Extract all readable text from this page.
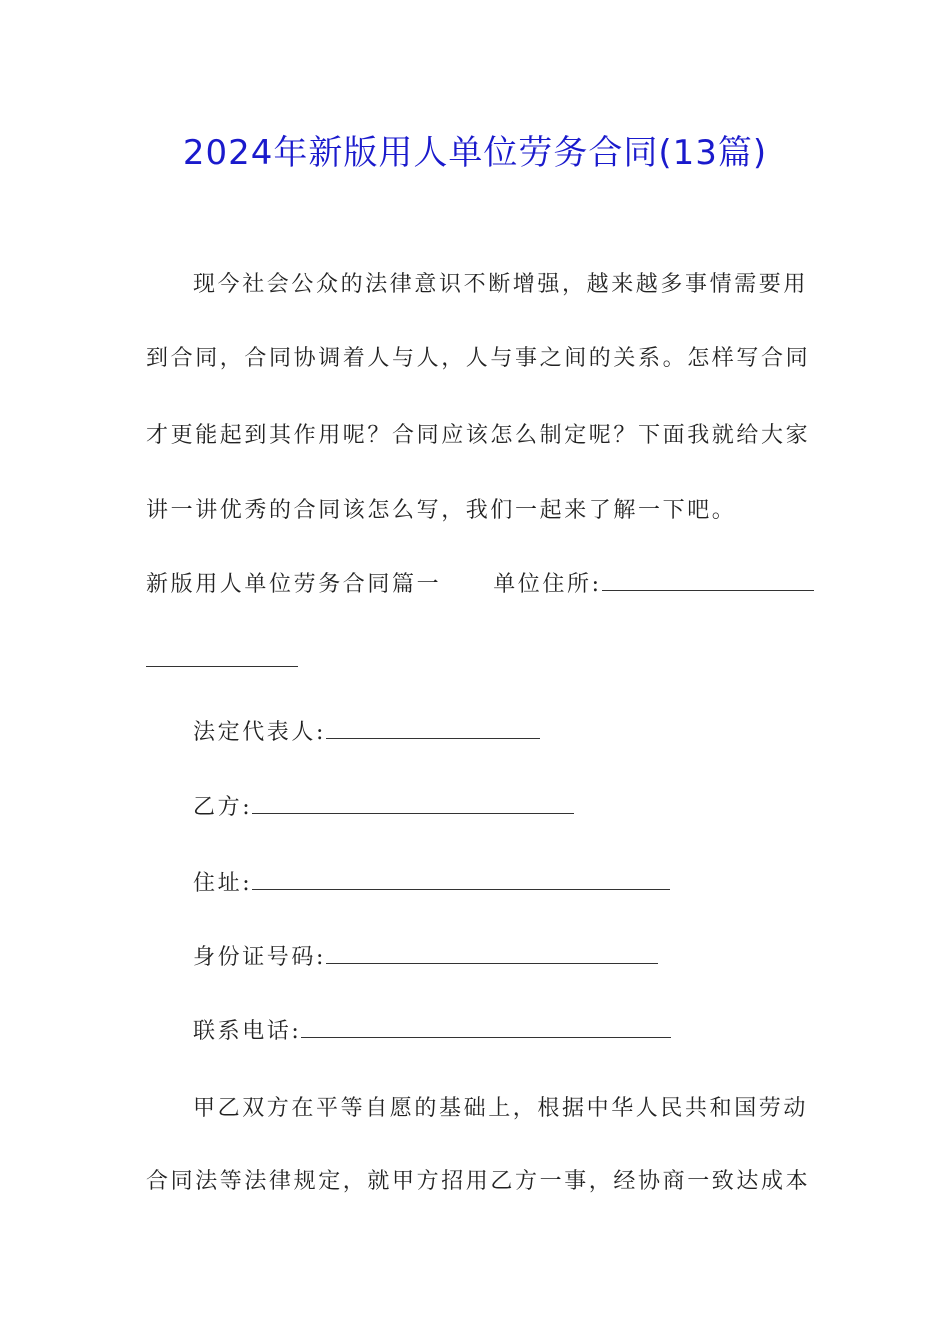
2024年新版用人单位劳务合同(13篇)
现今社会公众的法律意识不断增强，越来越多事情需要用
到合同，合同协调着人与人，人与事之间的关系。怎样写合同
才更能起到其作用呢？合同应该怎么制定呢？下面我就给大家
讲一讲优秀的合同该怎么写，我们一起来了解一下吧。
新版用人单位劳务合同篇一 单位住所:
法定代表人:
乙方:
住址:
身份证号码:
联系电话:
甲乙双方在平等自愿的基础上，根据中华人民共和国劳动
合同法等法律规定，就甲方招用乙方一事，经协商一致达成本
